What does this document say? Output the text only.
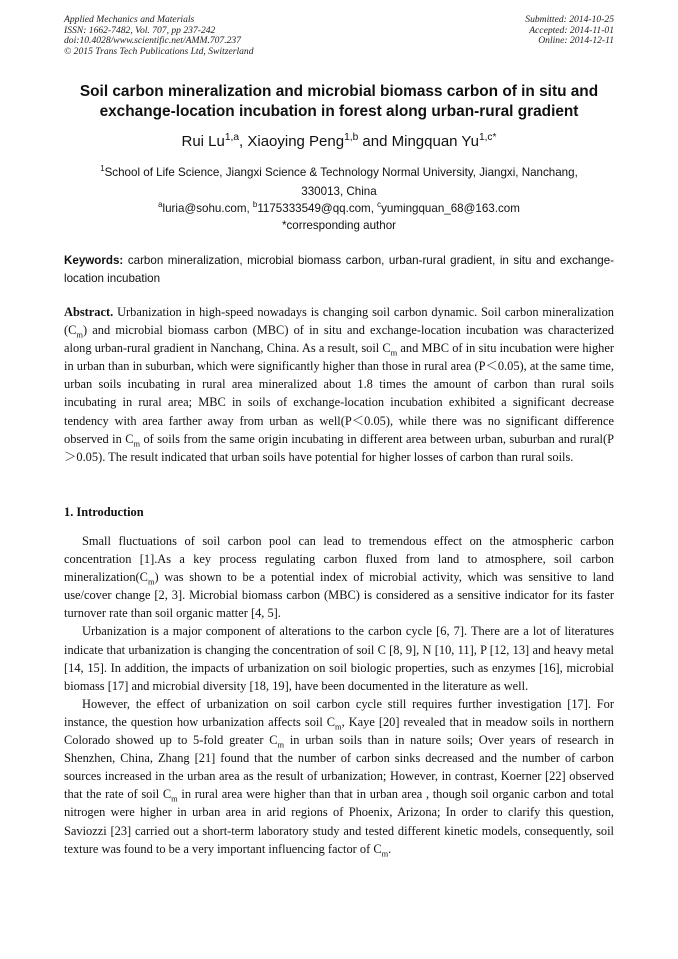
Applied Mechanics and Materials
ISSN: 1662-7482, Vol. 707, pp 237-242
doi:10.4028/www.scientific.net/AMM.707.237
© 2015 Trans Tech Publications Ltd, Switzerland
Submitted: 2014-10-25
Accepted: 2014-11-01
Online: 2014-12-11
Soil carbon mineralization and microbial biomass carbon of in situ and
exchange-location incubation in forest along urban-rural gradient
Rui Lu$^{1,a}$, Xiaoying Peng$^{1,b}$ and Mingquan $Yu^{1,c*}$
$^1$School of Life Science, Jiangxi Science & Technology Normal University, Jiangxi, Nanchang,
330013, China
$^a$luria@sohu.com, $^b$1175333549@qq.com, $^c$yumingquan_68@163.com
*corresponding author
Keywords: carbon mineralization, microbial biomass carbon, urban-rural gradient, in situ and exchange-location incubation
Abstract. Urbanization in high-speed nowadays is changing soil carbon dynamic. Soil carbon mineralization $(C_m)$ and microbial biomass carbon (MBC) of in situ and exchange-location incubation was characterized along urban-rural gradient in Nanchang, China. As a result, soil $C_m$ and MBC of in situ incubation were higher in urban than in suburban, which were significantly higher than those in rural area (P＜0.05), at the same time, urban soils incubating in rural area mineralized about 1.8 times the amount of carbon than rural soils incubating in rural area; MBC in soils of exchange-location incubation exhibited a significant decrease tendency with area farther away from urban as well(P＜0.05), while there was no significant difference observed in $C_m$ of soils from the same origin incubating in different area between urban, suburban and rural(P＞0.05). The result indicated that urban soils have potential for higher losses of carbon than rural soils.
1. Introduction

Small fluctuations of soil carbon pool can lead to tremendous effect on the atmospheric carbon concentration [1].As a key process regulating carbon fluxed from land to atmosphere, soil carbon $mineralization(C_m)$ was shown to be a potential index of microbial activity, which was sensitive to land use/cover change [2, 3]. Microbial biomass carbon (MBC) is considered as a sensitive indicator for its faster turnover rate than soil organic matter [4, 5].

Urbanization is a major component of alterations to the carbon cycle [6, 7]. There are a lot of literatures indicate that urbanization is changing the concentration of soil C [8, 9], N [10, 11], P [12, 13] and heavy metal [14, 15]. In addition, the impacts of urbanization on soil biologic properties, such as enzymes [16], microbial biomass [17] and microbial diversity [18, 19], have been documented in the literature as well.

However, the effect of urbanization on soil carbon cycle still requires further investigation [17]. For instance, the question how urbanization affects soil $C_m$, Kaye [20] revealed that in meadow soils in northern Colorado showed up to 5-fold greater $C_m$ in urban soils than in nature soils; Over years of research in Shenzhen, China, Zhang [21] found that the number of carbon sinks decreased and the number of carbon sources increased in the urban area as the result of urbanization; However, in contrast, Koerner [22] observed that the rate of soil $C_m$ in rural area were higher than that in urban area , though soil organic carbon and total nitrogen were higher in urban area in arid regions of Phoenix, Arizona; In order to clarify this question, Saviozzi [23] carried out a short-term laboratory study and tested different kinetic models, consequently, soil texture was found to be a very important influencing factor of $C_m$.
